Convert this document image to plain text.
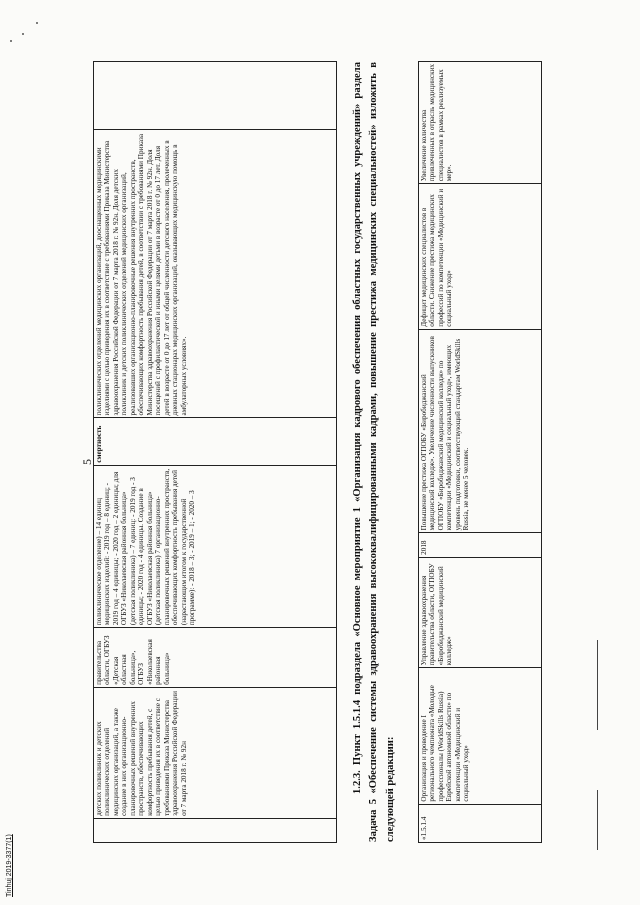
5
Tinhuj 2019-3377(1)
	детских поликлиник и детских поликлинических отделений медицинских организаций, а также создание в них организационно-планировочных решений внутренних пространств, обеспечивающих комфортность пребывания детей, с целью приведения их в соответствие с требованиями Приказа Министерства здравоохранения Российской Федерации от 7 марта 2018 г. № 92н	правительства области, ОГБУЗ «Детская областная больница», ОГБУЗ «Николаевская районная больница»	поликлиническое отделение) – 14 единиц медицинских изделий: - 2019 год – 8 единиц; - 2019 год – 4 единицы; - 2020 год – 2 единицы; для ОГБУЗ «Николаевская районная больница» (детская поликлиника) – 7 единиц: - 2019 год - 3 единицы; - 2020 год - 4 единицы. Создание в ОГБУЗ «Николаевская районная больница» (детская поликлиника) 7 организационно-планировочных решений внутренних пространств, обеспечивающих комфортность пребывания детей (нарастающим итогом к государственной программе): - 2018 – 3; - 2019 – 1; - 2020 – 3	смертность	поликлинических отделений медицинских организаций, дооснащенных медицинскими изделиями с целью приведения их в соответствие с требованиями Приказа Министерства здравоохранения Российской Федерации от 7 марта 2018 г. № 92н. Доля детских поликлиник и детских поликлинических отделений медицинских организаций, реализовавших организационно-планировочные решения внутренних пространств, обеспечивающих комфортность пребывания детей, в соответствии с требованиями Приказа Министерства здравоохранения Российской Федерации от 7 марта 2018 г. № 92н. Доля посещений с профилактической и иными целями детьми в возрасте от 0 до 17 лет. Доля детей в возрасте от 0 до 17 лет от общей численности детского населения, пролеченных в дневных стационарах медицинских организаций, оказывающих медицинскую помощь в амбулаторных условиях».		1.2.3. Пункт 1.5.1.4 подраздела «Основное мероприятие 1 «Организация кадрового обеспечения областных государственных учреждений» раздела Задача 5 «Обеспечение системы здравоохранения высококвалифицированными кадрами, повышение престижа медицинских специальностей» изложить в следующей редакции:	«1.5.1.4	Организация и проведение I регионального чемпионата «Молодые профессионалы (WorldSkills Russia) Еврейской автономной области» по компетенции «Медицинский и социальный уход»	Управление здравоохранения правительства области, ОГПОБУ «Биробиджанский медицинский колледж»	2018	Повышение престижа ОГПОБУ «Биробиджанский медицинский колледж». Увеличение численности выпускников ОГПОБУ «Биробиджанский медицинский колледж» по компетенции «Медицинский и социальный уход», имеющих уровень подготовки, соответствующий стандартам WorldSkills Russia, не менее 5 человек.	Дефицит медицинских специалистов в области. Снижение престижа медицинских профессий по компетенции «Медицинский и социальный уход»	Увеличение количества привлеченных в отрасль медицинских специалистов в рамках реализуемых мер».
